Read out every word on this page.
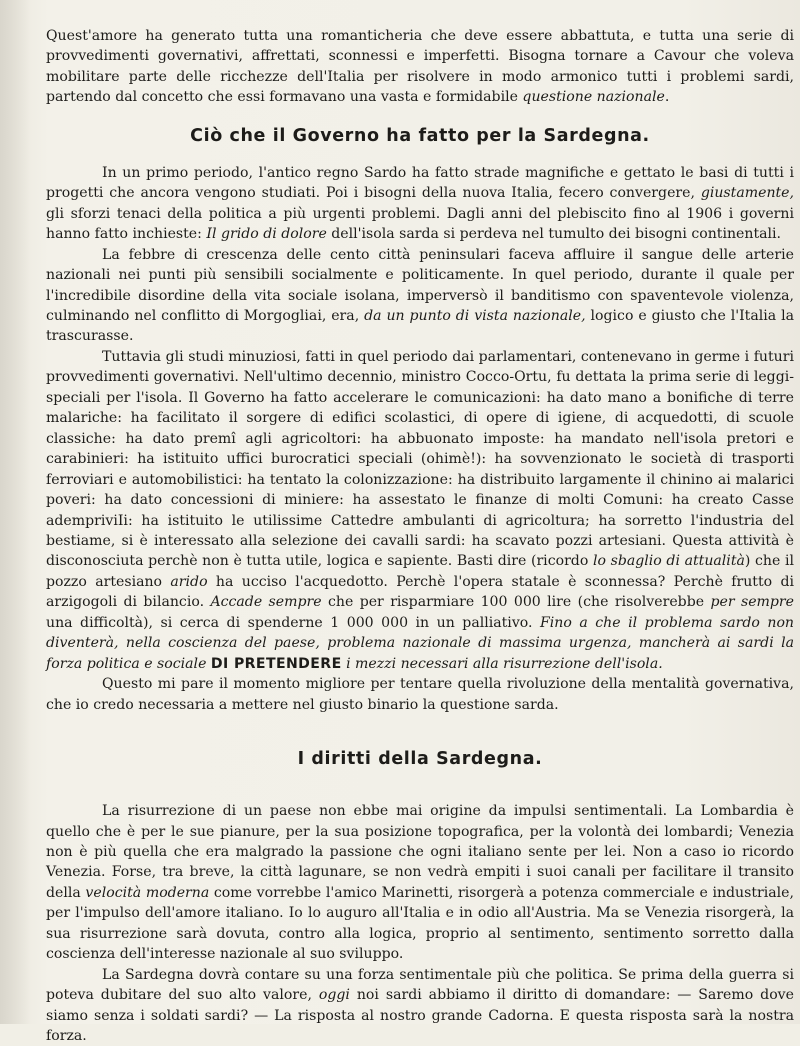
Quest'amore ha generato tutta una romanticheria che deve essere abbattuta, e tutta una serie di provvedimenti governativi, affrettati, sconnessi e imperfetti. Bisogna tornare a Cavour che voleva mobilitare parte delle ricchezze dell'Italia per risolvere in modo armonico tutti i problemi sardi, partendo dal concetto che essi formavano una vasta e formidabile questione nazionale.

Ciò che il Governo ha fatto per la Sardegna.

In un primo periodo, l'antico regno Sardo ha fatto strade magnifiche e gettato le basi di tutti i progetti che ancora vengono studiati. Poi i bisogni della nuova Italia, fecero convergere, giustamente, gli sforzi tenaci della politica a più urgenti problemi. Dagli anni del plebiscito fino al 1906 i governi hanno fatto inchieste: Il grido di dolore dell'isola sarda si perdeva nel tumulto dei bisogni continentali.

La febbre di crescenza delle cento città peninsulari faceva affluire il sangue delle arterie nazionali nei punti più sensibili socialmente e politicamente. In quel periodo, durante il quale per l'incredibile disordine della vita sociale isolana, imperversò il banditismo con spaventevole violenza, culminando nel conflitto di Morgogliai, era, da un punto di vista nazionale, logico e giusto che l'Italia la trascurasse.

Tuttavia gli studi minuziosi, fatti in quel periodo dai parlamentari, contenevano in germe i futuri provvedimenti governativi. Nell'ultimo decennio, ministro Cocco-Ortu, fu dettata la prima serie di leggi-speciali per l'isola. Il Governo ha fatto accelerare le comunicazioni: ha dato mano a bonifiche di terre malariche: ha facilitato il sorgere di edifici scolastici, di opere di igiene, di acquedotti, di scuole classiche: ha dato premî agli agricoltori: ha abbuonato imposte: ha mandato nell'isola pretori e carabinieri: ha istituito uffici burocratici speciali (ohimè!): ha sovvenzionato le società di trasporti ferroviari e automobilistici: ha tentato la colonizzazione: ha distribuito largamente il chinino ai malarici poveri: ha dato concessioni di miniere: ha assestato le finanze di molti Comuni: ha creato Casse adempriviIi: ha istituito le utilissime Cattedre ambulanti di agricoltura; ha sorretto l'industria del bestiame, si è interessato alla selezione dei cavalli sardi: ha scavato pozzi artesiani. Questa attività è disconosciuta perchè non è tutta utile, logica e sapiente. Basti dire (ricordo lo sbaglio di attualità) che il pozzo artesiano arido ha ucciso l'acquedotto. Perchè l'opera statale è sconnessa? Perchè frutto di arzigogoli di bilancio. Accade sempre che per risparmiare 100 000 lire (che risolverebbe per sempre una difficoltà), si cerca di spenderne 1 000 000 in un palliativo. Fino a che il problema sardo non diventerà, nella coscienza del paese, problema nazionale di massima urgenza, mancherà ai sardi la forza politica e sociale DI PRETENDERE i mezzi necessari alla risurrezione dell'isola.

Questo mi pare il momento migliore per tentare quella rivoluzione della mentalità governativa, che io credo necessaria a mettere nel giusto binario la questione sarda.

I diritti della Sardegna.

La risurrezione di un paese non ebbe mai origine da impulsi sentimentali. La Lombardia è quello che è per le sue pianure, per la sua posizione topografica, per la volontà dei lombardi; Venezia non è più quella che era malgrado la passione che ogni italiano sente per lei. Non a caso io ricordo Venezia. Forse, tra breve, la città lagunare, se non vedrà empiti i suoi canali per facilitare il transito della velocità moderna come vorrebbe l'amico Marinetti, risorgerà a potenza commerciale e industriale, per l'impulso dell'amore italiano. Io lo auguro all'Italia e in odio all'Austria. Ma se Venezia risorgerà, la sua risurrezione sarà dovuta, contro alla logica, proprio al sentimento, sentimento sorretto dalla coscienza dell'interesse nazionale al suo sviluppo.

La Sardegna dovrà contare su una forza sentimentale più che politica. Se prima della guerra si poteva dubitare del suo alto valore, oggi noi sardi abbiamo il diritto di domandare: — Saremo dove siamo senza i soldati sardi? — La risposta al nostro grande Cadorna. E questa risposta sarà la nostra forza.
